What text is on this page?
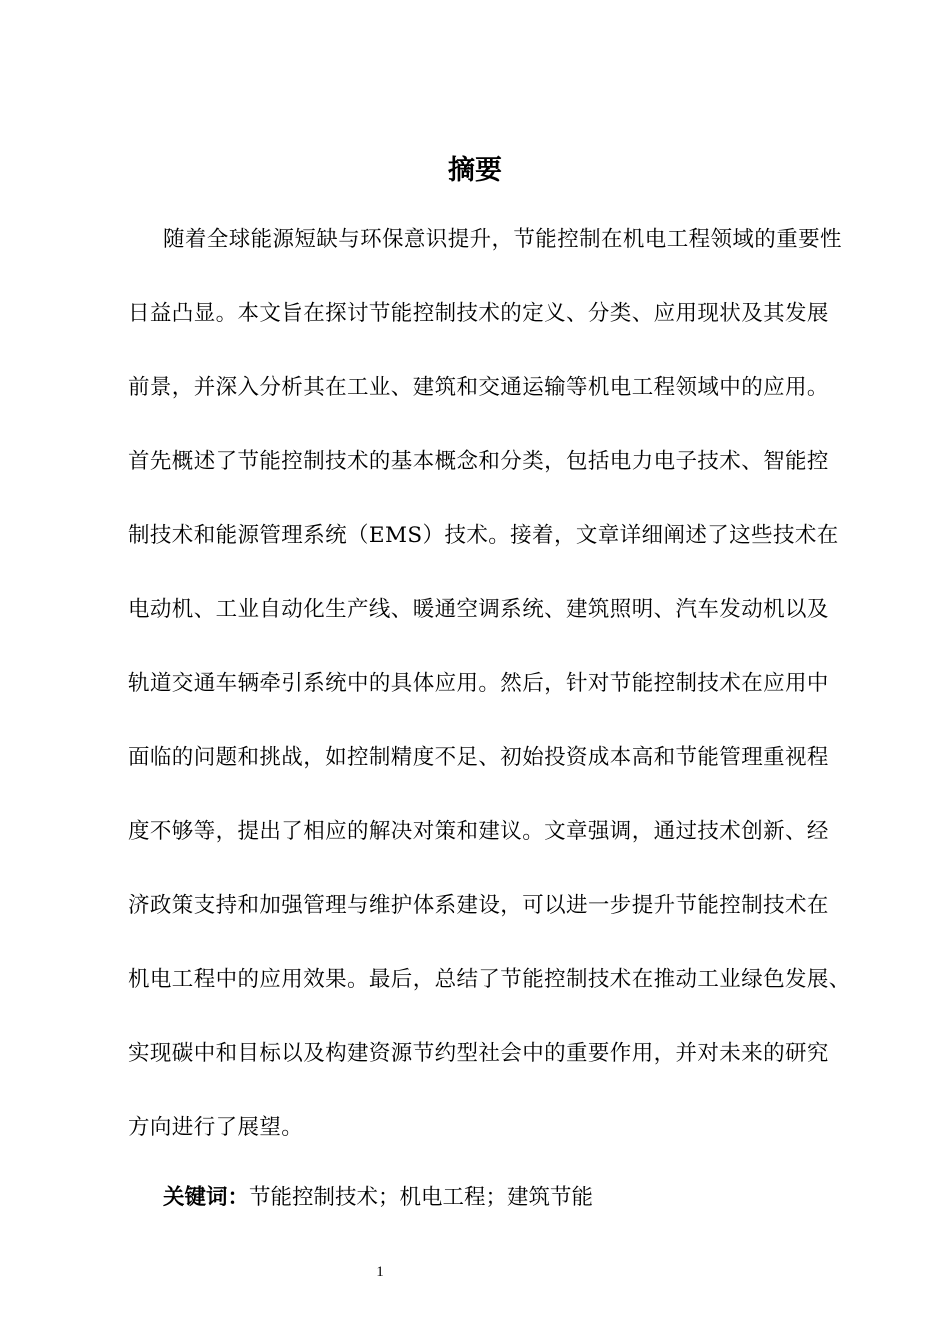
摘要
随着全球能源短缺与环保意识提升，节能控制在机电工程领域的重要性
日益凸显。本文旨在探讨节能控制技术的定义、分类、应用现状及其发展
前景，并深入分析其在工业、建筑和交通运输等机电工程领域中的应用。
首先概述了节能控制技术的基本概念和分类，包括电力电子技术、智能控
制技术和能源管理系统（EMS）技术。接着，文章详细阐述了这些技术在
电动机、工业自动化生产线、暖通空调系统、建筑照明、汽车发动机以及
轨道交通车辆牵引系统中的具体应用。然后，针对节能控制技术在应用中
面临的问题和挑战，如控制精度不足、初始投资成本高和节能管理重视程
度不够等，提出了相应的解决对策和建议。文章强调，通过技术创新、经
济政策支持和加强管理与维护体系建设，可以进一步提升节能控制技术在
机电工程中的应用效果。最后，总结了节能控制技术在推动工业绿色发展、
实现碳中和目标以及构建资源节约型社会中的重要作用，并对未来的研究
方向进行了展望。
关键词：节能控制技术；机电工程；建筑节能
1
